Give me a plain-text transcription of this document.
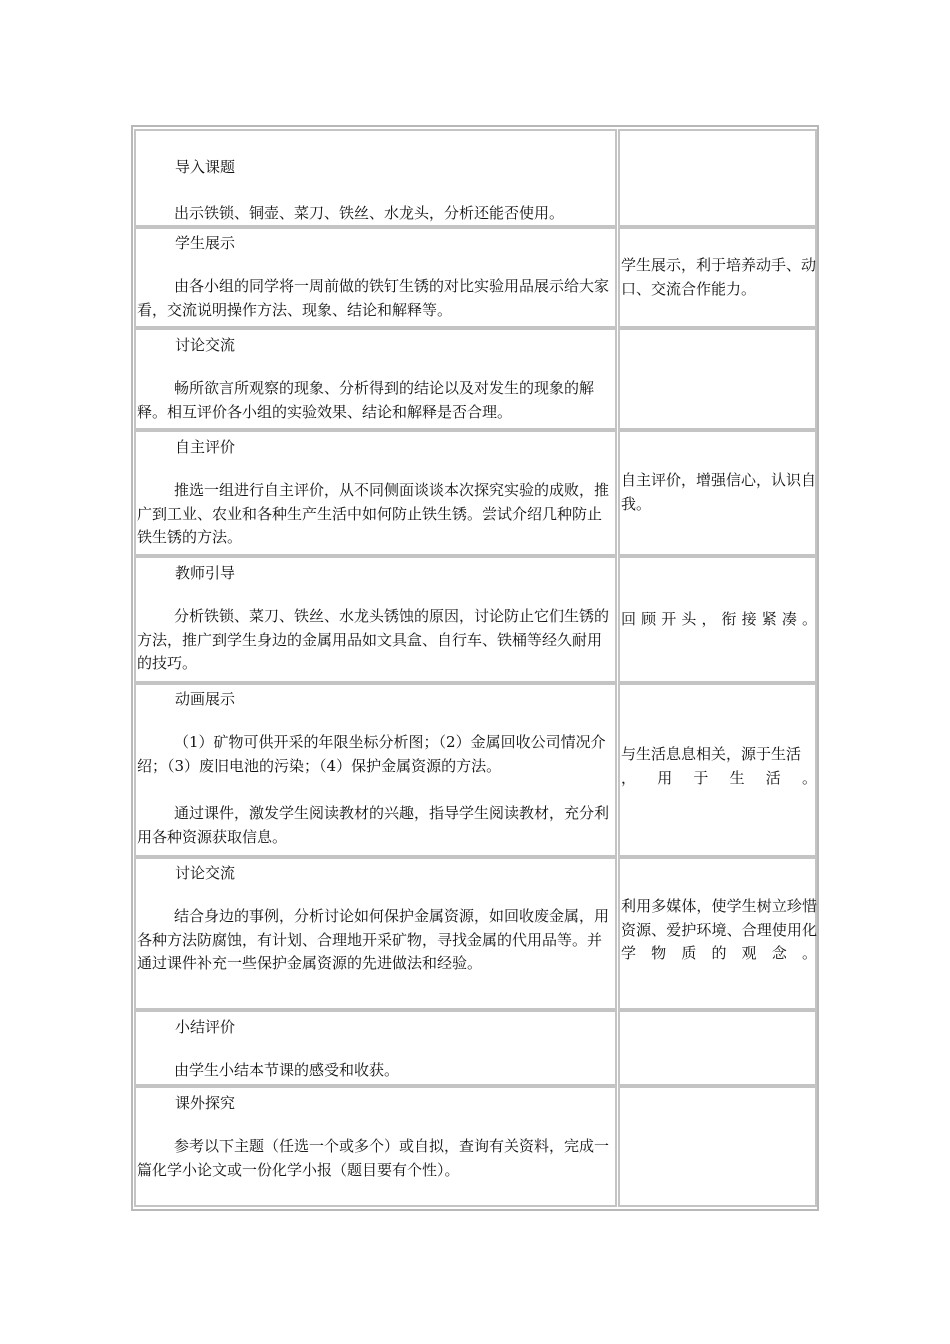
导入课题
出示铁锁、铜壶、菜刀、铁丝、水龙头，分析还能否使用。
学生展示
由各小组的同学将一周前做的铁钉生锈的对比实验用品展示给大家看，交流说明操作方法、现象、结论和解释等。
学生展示，利于培养动手、动口、交流合作能力。
讨论交流
畅所欲言所观察的现象、分析得到的结论以及对发生的现象的解释。相互评价各小组的实验效果、结论和解释是否合理。
自主评价
推选一组进行自主评价，从不同侧面谈谈本次探究实验的成败，推广到工业、农业和各种生产生活中如何防止铁生锈。尝试介绍几种防止铁生锈的方法。
自主评价，增强信心，认识自我。
教师引导
分析铁锁、菜刀、铁丝、水龙头锈蚀的原因，讨论防止它们生锈的方法，推广到学生身边的金属用品如文具盒、自行车、铁桶等经久耐用的技巧。
回顾开头，衔接紧凑。
动画展示
（1）矿物可供开采的年限坐标分析图；（2）金属回收公司情况介绍；（3）废旧电池的污染；（4）保护金属资源的方法。
通过课件，激发学生阅读教材的兴趣，指导学生阅读教材，充分利用各种资源获取信息。
与生活息息相关，源于生活
， 用 于 生 活 。
讨论交流
结合身边的事例，分析讨论如何保护金属资源，如回收废金属，用各种方法防腐蚀，有计划、合理地开采矿物，寻找金属的代用品等。并通过课件补充一些保护金属资源的先进做法和经验。
利用多媒体，使学生树立珍惜资源、爱护环境、合理使用化学物质的观念。
小结评价
由学生小结本节课的感受和收获。
课外探究
参考以下主题（任选一个或多个）或自拟，查询有关资料，完成一篇化学小论文或一份化学小报（题目要有个性）。
